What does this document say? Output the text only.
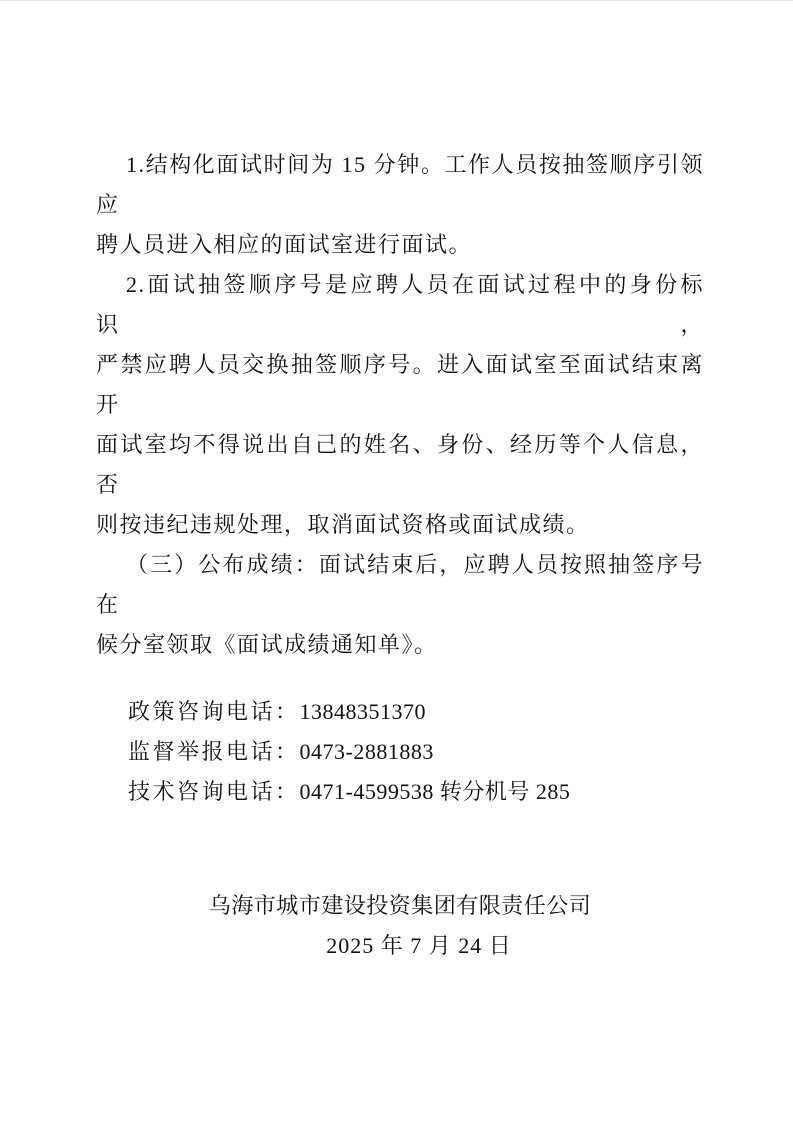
1.结构化面试时间为 15 分钟。工作人员按抽签顺序引领应
聘人员进入相应的面试室进行面试。

2.面试抽签顺序号是应聘人员在面试过程中的身份标识，
严禁应聘人员交换抽签顺序号。进入面试室至面试结束离开
面试室均不得说出自己的姓名、身份、经历等个人信息，否
则按违纪违规处理，取消面试资格或面试成绩。

（三）公布成绩：面试结束后，应聘人员按照抽签序号在
候分室领取《面试成绩通知单》。

政策咨询电话：13848351370
监督举报电话：0473-2881883
技术咨询电话：0471-4599538 转分机号 285
乌海市城市建设投资集团有限责任公司
2025 年 7 月 24 日
